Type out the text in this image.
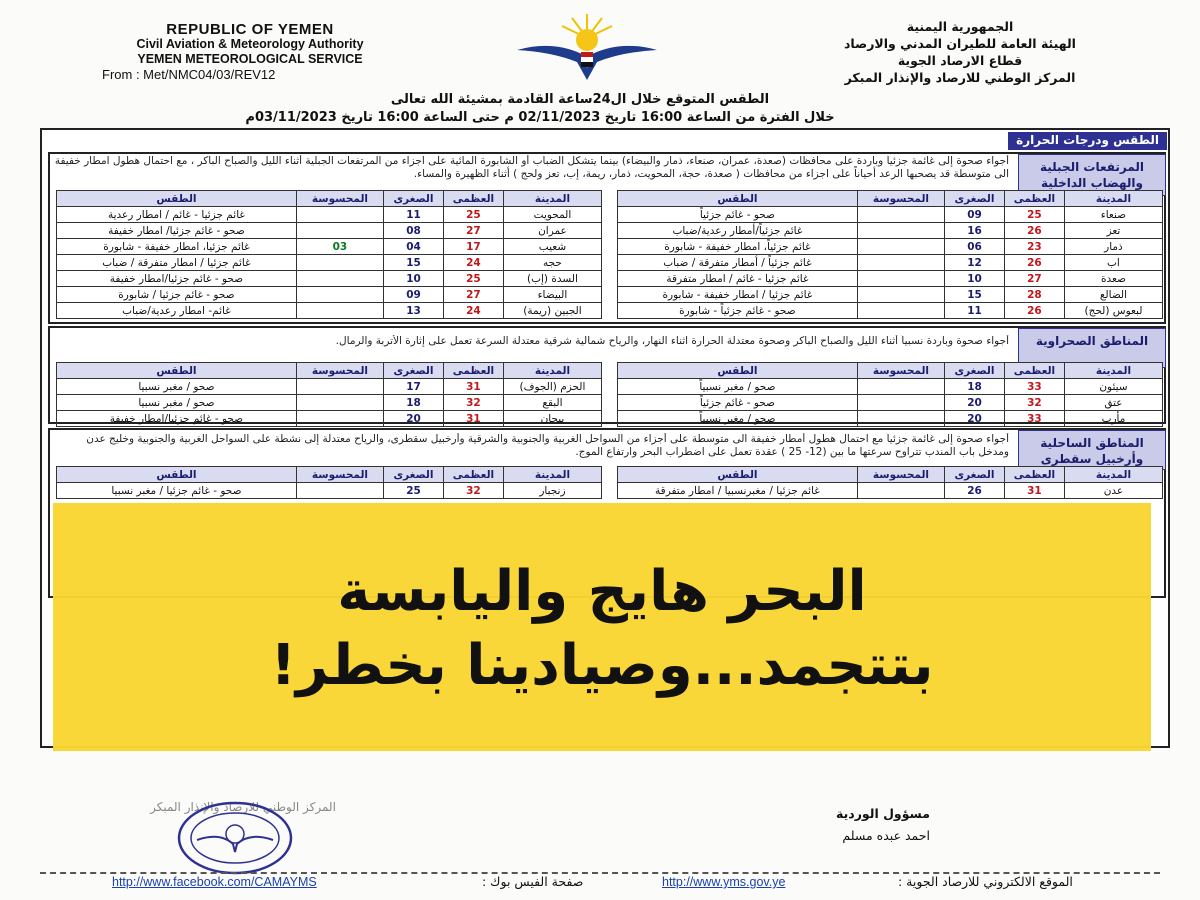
REPUBLIC OF YEMEN
Civil Aviation & Meteorology Authority
YEMEN METEOROLOGICAL SERVICE
From : Met/NMC04/03/REV12
الجمهورية اليمنية
الهيئة العامة للطيران المدني والارصاد
قطاع الارصاد الجوية
المركز الوطني للارصاد والإنذار المبكر
الطقس المتوقع خلال ال24ساعة القادمة بمشيئة الله تعالى
خلال الفترة من الساعة 16:00 تاريخ 02/11/2023 م حتى الساعة 16:00 تاريخ 03/11/2023م
الطقس ودرجات الحرارة
المرتفعات الجبلية والهضاب الداخلية
أجواء صحوة إلى غائمة جزئياً وباردة على محافظات (صعدة، عمران، صنعاء، ذمار والبيضاء) بينما يتشكل الضباب أو الشابورة المائية على اجزاء من المرتفعات الجبلية أثناء الليل والصباح الباكر ، مع احتمال هطول امطار خفيفة الى متوسطة قد يصحبها الرعد أحياناً على اجزاء من محافظات ( صعدة، حجة، المحويت، ذمار، ريمة، إب، تعز ولحج ) أثناء الظهيرة والمساء.
المدينة	العظمى	الصغرى	المحسوسة	الطقس
صنعاء	25	09		صحو - غائم جزئياً
تعز	26	16		غائم جزئياً/أمطار رعدية/ضباب
ذمار	23	06		غائم جزئياً، امطار خفيفة - شابورة
اب	26	12		غائم جزئياً / أمطار متفرقة / ضباب
صعدة	27	10		غائم جزئيا - غائم / امطار متفرقة
الضالع	28	15		غائم جزئيا / امطار خفيفة - شابورة
لبعوس (لحج)	26	11		صحو - غائم جزئياً - شابورة
المدينة	العظمى	الصغرى	المحسوسة	الطقس
المحويت	25	11		غائم جزئيا - غائم / امطار رعدية
عمران	27	08		صحو - غائم جزئيا/ امطار خفيفة
شعيب	17	04	03	غائم جزئيا، امطار خفيفة - شابورة
حجه	24	15		غائم جزئيا / امطار متفرقة / ضباب
السدة (إب)	25	10		صحو - غائم جزئيا/امطار خفيفة
البيضاء	27	09		صحو - غائم جزئيا / شابورة
الجبين (ريمة)	24	13		غائم- امطار رعدية/ضباب
المناطق الصحراوية
أجواء صحوة وباردة نسبياً أثناء الليل والصباح الباكر وصحوة معتدلة الحرارة اثناء النهار، والرياح شمالية شرقية معتدلة السرعة تعمل على إثارة الأتربة والرمال.
المدينة	العظمى	الصغرى	المحسوسة	الطقس
سيئون	33	18		صحو / مغبر نسبياً
عتق	32	20		صحو - غائم جزئياً
مأرب	33	20		صحو / مغبر نسبياً
المدينة	العظمى	الصغرى	المحسوسة	الطقس
الحزم (الجوف)	31	17		صحو / مغبر نسبيا
البقع	32	18		صحو / مغبر نسبيا
بيحان	31	20		صحو - غائم جزئيا/امطار خفيفة
المناطق الساحلية وأرخبيل سقطرى
أجواء صحوة إلى غائمة جزئياً مع احتمال هطول أمطار خفيفة الى متوسطة على أجزاء من السواحل الغربية والجنوبية والشرقية وأرخبيل سقطرى، والرياح معتدلة إلى نشطة على السواحل الغربية والجنوبية وخليج عدن ومدخل باب المندب تتراوح سرعتها ما بين (12- 25 ) عقدة تعمل على اضطراب البحر وارتفاع الموج.
المدينة	العظمى	الصغرى	المحسوسة	الطقس
عدن	31	26		غائم جزئيا / مغبرنسبيا / امطار متفرقة
المدينة	العظمى	الصغرى	المحسوسة	الطقس
زنجبار	32	25		صحو - غائم جزئيا / مغبر نسبيا
البحر هايج واليابسة
بتتجمد...وصيادينا بخطر!
المركز الوطني للارصاد والإنذار المبكر	مسؤول الوردية
احمد عبده مسلم
http://www.facebook.com/CAMAYMS	صفحة الفيس بوك :	http://www.yms.gov.ye	الموقع الالكتروني للارصاد الجوية :
